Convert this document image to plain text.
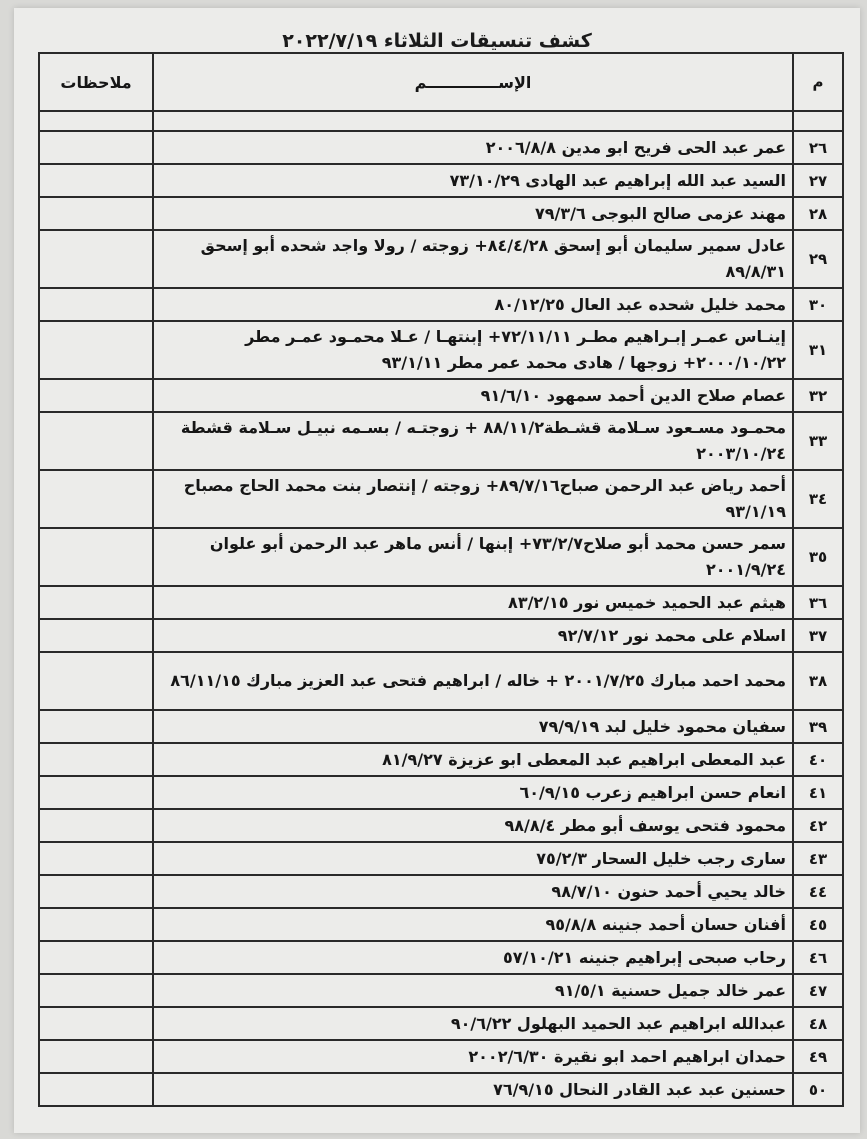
كشف تنسيقات الثلاثاء ٢٠٢٢/٧/١٩
م	الإســـــــــــــم	ملاحظات

٢٦	عمر عبد الحى فريح ابو مدين ٢٠٠٦/٨/٨	
٢٧	السيد عبد الله إبراهيم عبد الهادى ٧٣/١٠/٢٩	
٢٨	مهند عزمى صالح البوجى ٧٩/٣/٦	
٢٩	عادل سمير سليمان أبو إسحق ٨٤/٤/٢٨+ زوجته / رولا واجد شحده أبو إسحق ٨٩/٨/٣١	
٣٠	محمد خليل شحده عبد العال ٨٠/١٢/٢٥	
٣١	إينـاس عمـر إبـراهيم مطـر ٧٢/١١/١١+ إبنتهـا / عـلا محمـود عمـر مطر ٢٠٠٠/١٠/٢٢+ زوجها / هادى محمد عمر مطر ٩٣/١/١١	
٣٢	عصام صلاح الدين أحمد سمهود ٩١/٦/١٠	
٣٣	محمـود مسـعود سـلامة قشـطة٨٨/١١/٢ + زوجتـه / بسـمه نبيـل سـلامة قشطة ٢٠٠٣/١٠/٢٤	
٣٤	أحمد رياض عبد الرحمن صباح٨٩/٧/١٦+ زوجته / إنتصار بنت محمد الحاج مصباح ٩٣/١/١٩	
٣٥	سمر حسن محمد أبو صلاح٧٣/٢/٧+ إبنها / أنس ماهر عبد الرحمن أبو علوان ٢٠٠١/٩/٢٤	
٣٦	هيثم عبد الحميد خميس نور ٨٣/٢/١٥	
٣٧	اسلام على محمد نور ٩٢/٧/١٢	
٣٨	محمد احمد مبارك ٢٠٠١/٧/٢٥ + خاله / ابراهيم فتحى عبد العزيز مبارك ٨٦/١١/١٥	
٣٩	سفيان محمود خليل لبد ٧٩/٩/١٩	
٤٠	عبد المعطى ابراهيم عبد المعطى ابو عزيزة ٨١/٩/٢٧	
٤١	انعام حسن ابراهيم زعرب ٦٠/٩/١٥	
٤٢	محمود فتحى يوسف أبو مطر ٩٨/٨/٤	
٤٣	سارى رجب خليل السحار ٧٥/٢/٣	
٤٤	خالد يحيي أحمد حنون ٩٨/٧/١٠	
٤٥	أفنان حسان أحمد جنينه ٩٥/٨/٨	
٤٦	رحاب صبحى إبراهيم جنينه ٥٧/١٠/٢١	
٤٧	عمر خالد جميل حسنية ٩١/٥/١	
٤٨	عبدالله ابراهيم عبد الحميد البهلول ٩٠/٦/٢٢	
٤٩	حمدان ابراهيم احمد ابو نقيرة ٢٠٠٢/٦/٣٠	
٥٠	حسنين عبد عبد القادر النحال ٧٦/٩/١٥	
